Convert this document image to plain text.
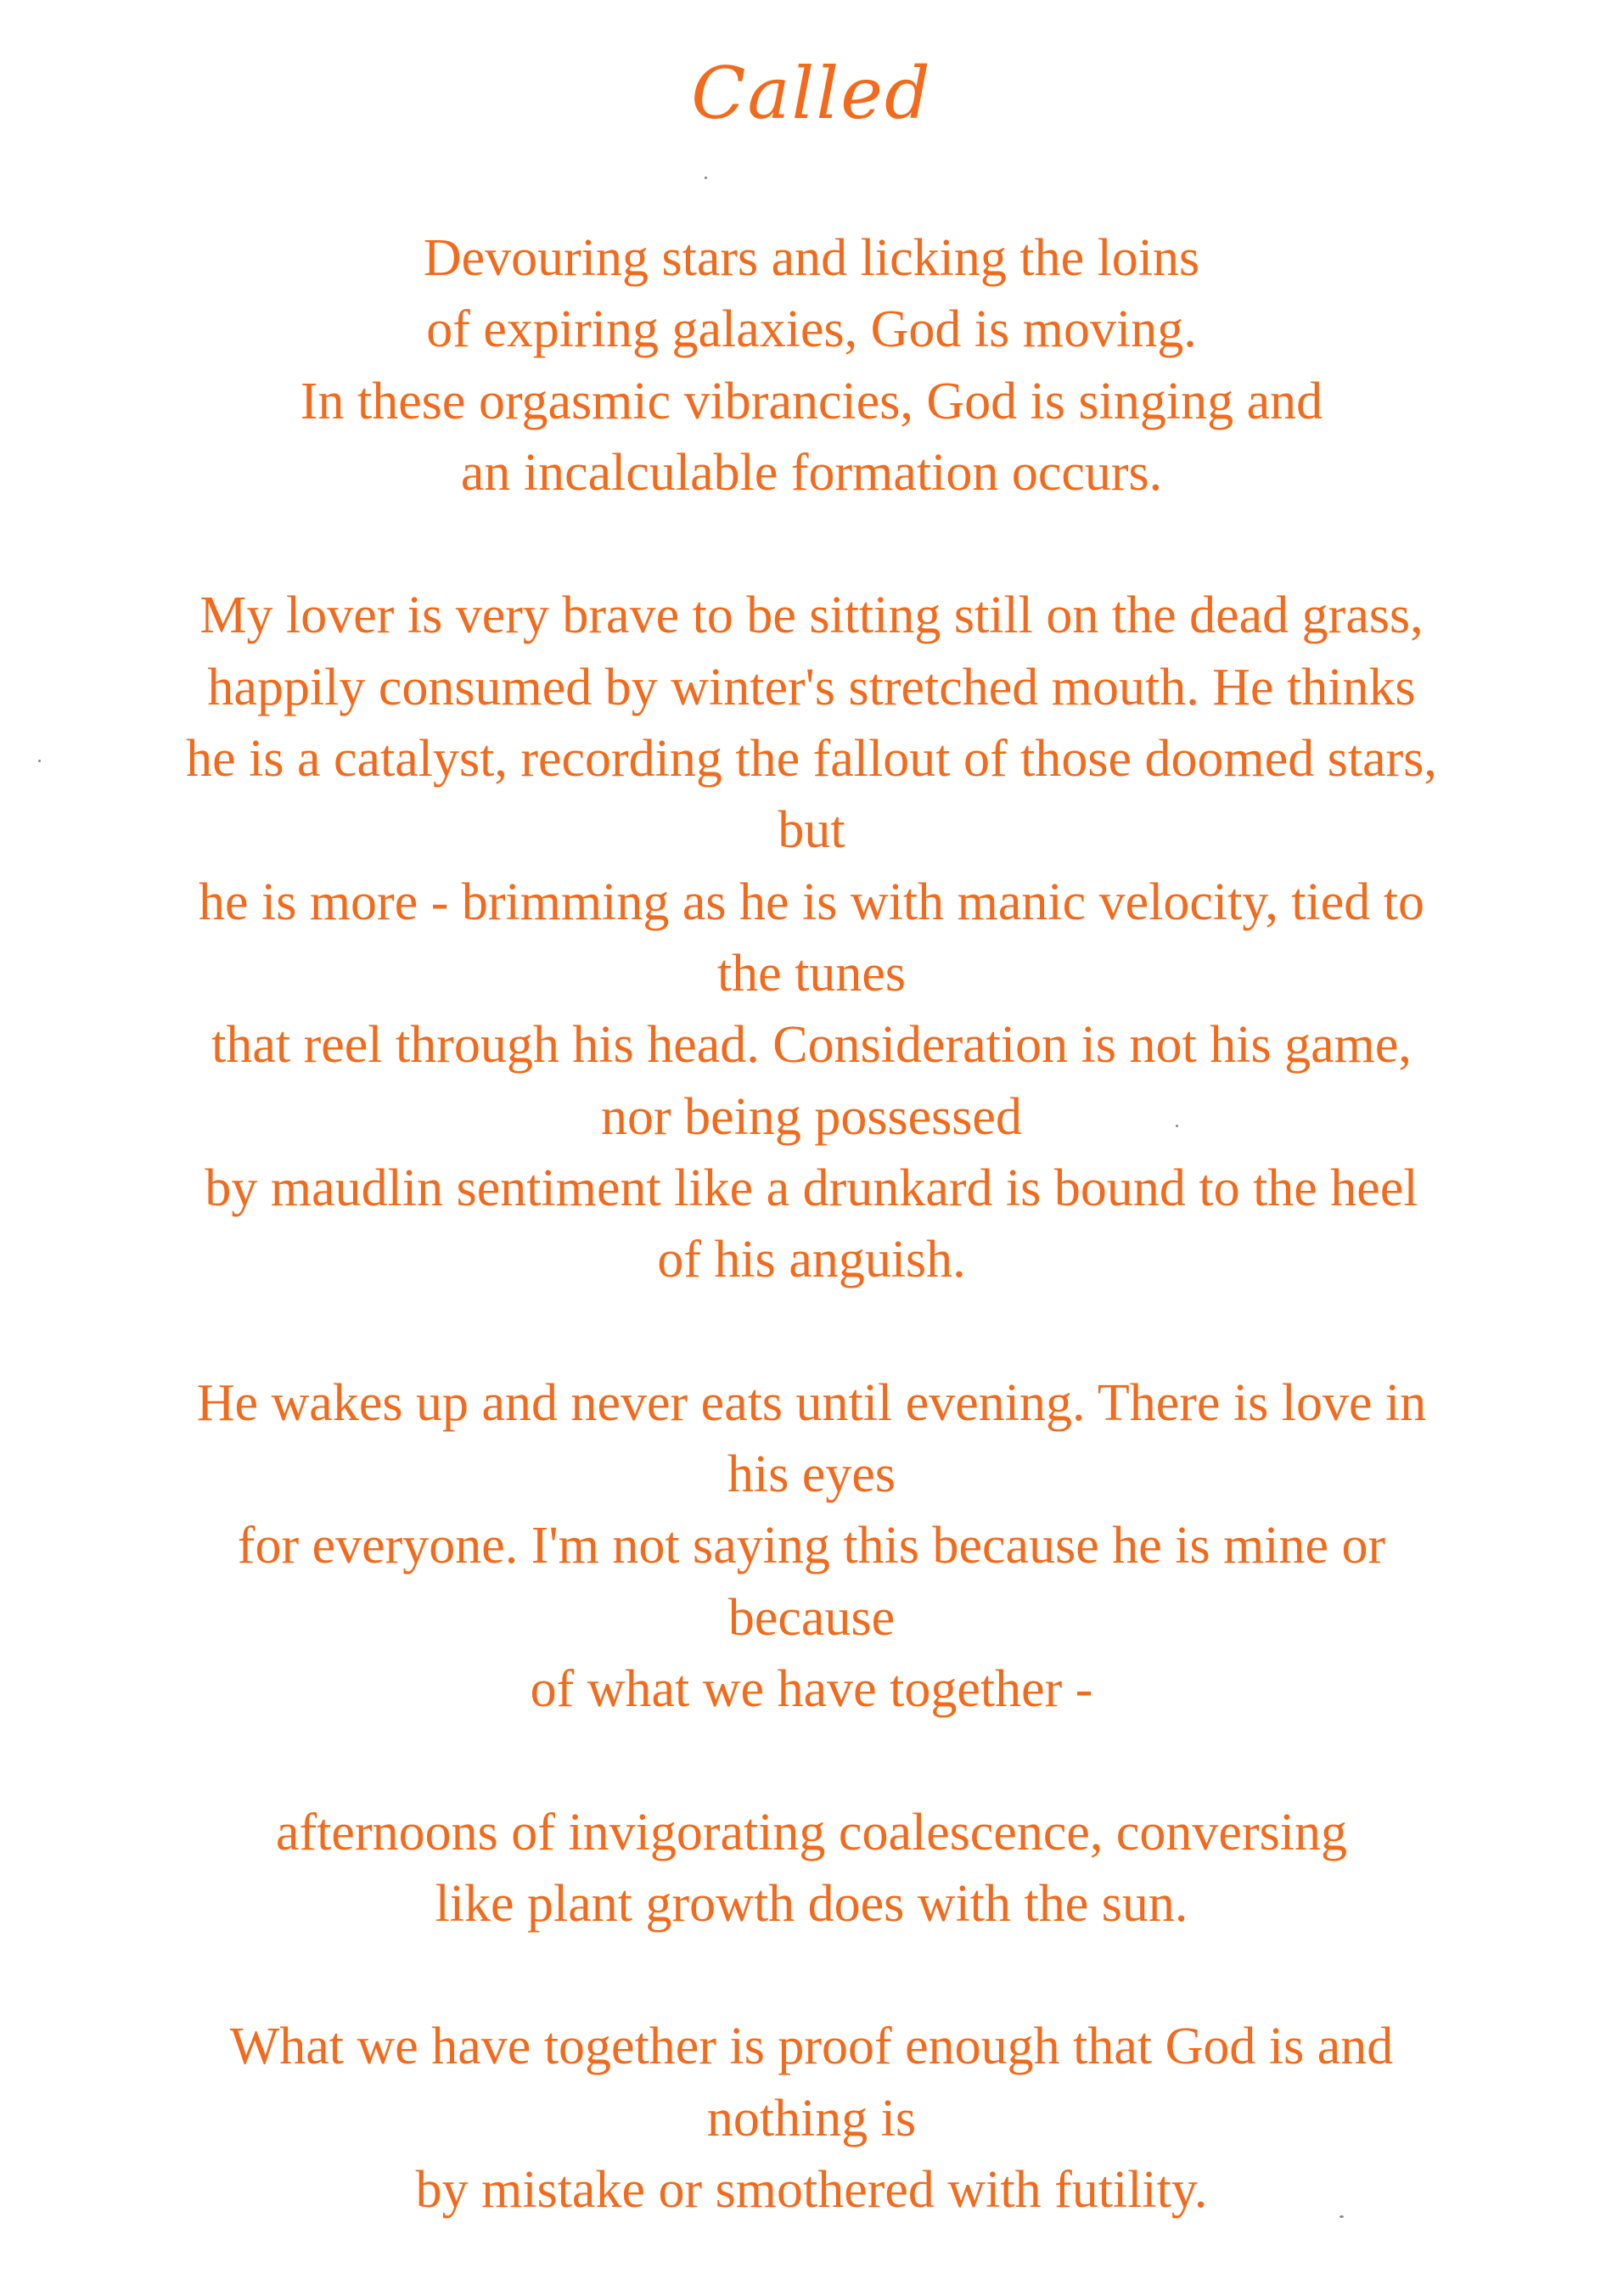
Called
Devouring stars and licking the loins
of expiring galaxies, God is moving.
In these orgasmic vibrancies, God is singing and
an incalculable formation occurs.
My lover is very brave to be sitting still on the dead grass,
happily consumed by winter's stretched mouth. He thinks
he is a catalyst, recording the fallout of those doomed stars,
but
he is more - brimming as he is with manic velocity, tied to
the tunes
that reel through his head. Consideration is not his game,
nor being possessed
by maudlin sentiment like a drunkard is bound to the heel
of his anguish.
He wakes up and never eats until evening. There is love in
his eyes
for everyone. I'm not saying this because he is mine or
because
of what we have together -
afternoons of invigorating coalescence, conversing
like plant growth does with the sun.
What we have together is proof enough that God is and
nothing is
by mistake or smothered with futility.
